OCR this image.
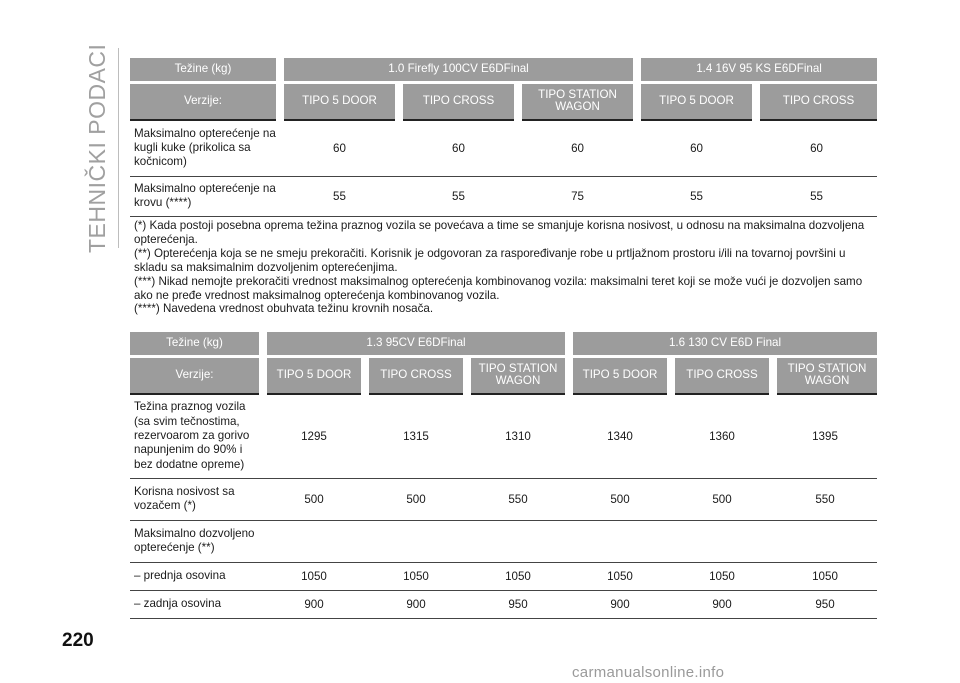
TEHNIČKI PODACI	Težine (kg)	1.0 Firefly 100CV E6DFinal			1.4 16V 95 KS E6DFinal	
Verzije:	TIPO 5 DOOR	TIPO CROSS	TIPO STATION WAGON	TIPO 5 DOOR	TIPO CROSS
Maksimalno opterećenje na kugli kuke (prikolica sa kočnicom)	60	60	60	60	60
Maksimalno opterećenje na krovu (****)	55	55	75	55	55

(*) Kada postoji posebna oprema težina praznog vozila se povećava a time se smanjuje korisna nosivost, u odnosu na maksimalna dozvoljena opterećenja.

(**) Opterećenja koja se ne smeju prekoračiti. Korisnik je odgovoran za raspoređivanje robe u prtljažnom prostoru i/ili na tovarnoj površini u skladu sa maksimalnim dozvoljenim opterećenjima.

(***) Nikad nemojte prekoračiti vrednost maksimalnog opterećenja kombinovanog vozila: maksimalni teret koji se može vući je dozvoljen samo ako ne pređe vrednost maksimalnog opterećenja kombinovanog vozila.

(****) Navedena vrednost obuhvata težinu krovnih nosača.

Težine (kg)	1.3 95CV E6DFinal			1.6 130 CV E6D Final		
Verzije:	TIPO 5 DOOR	TIPO CROSS	TIPO STATION WAGON	TIPO 5 DOOR	TIPO CROSS	TIPO STATION WAGON
Težina praznog vozila (sa svim tečnostima, rezervoarom za gorivo napunjenim do 90% i bez dodatne opreme)	1295	1315	1310	1340	1360	1395
Korisna nosivost sa vozačem (*)	500	500	550	500	500	550
Maksimalno dozvoljeno opterećenje (**)						
– prednja osovina	1050	1050	1050	1050	1050	1050
– zadnja osovina	900	900	950	900	900	950
220
carmanualsonline.info
